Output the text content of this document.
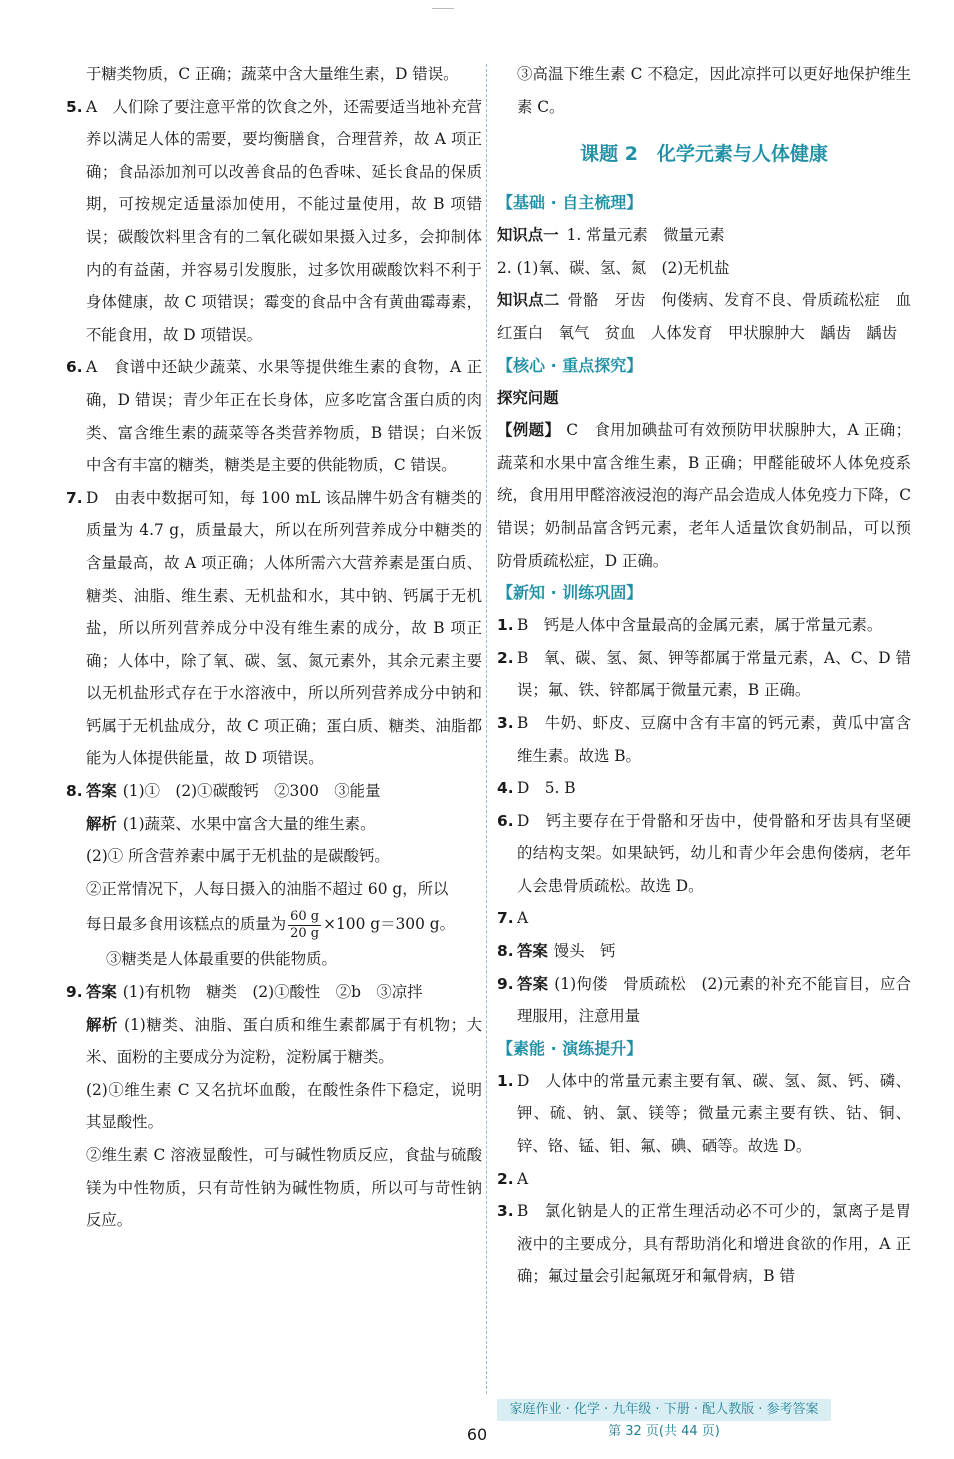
于糖类物质，C 正确；蔬菜中含大量维生素，D 错误。
5. A　人们除了要注意平常的饮食之外，还需要适当地补充营养以满足人体的需要，要均衡膳食，合理营养，故 A 项正确；食品添加剂可以改善食品的色香味、延长食品的保质期，可按规定适量添加使用，不能过量使用，故 B 项错误；碳酸饮料里含有的二氧化碳如果摄入过多，会抑制体内的有益菌，并容易引发腹胀，过多饮用碳酸饮料不利于身体健康，故 C 项错误；霉变的食品中含有黄曲霉毒素，不能食用，故 D 项错误。
6. A　食谱中还缺少蔬菜、水果等提供维生素的食物，A 正确，D 错误；青少年正在长身体，应多吃富含蛋白质的肉类、富含维生素的蔬菜等各类营养物质，B 错误；白米饭中含有丰富的糖类，糖类是主要的供能物质，C 错误。
7. D　由表中数据可知，每 100 mL 该品牌牛奶含有糖类的质量为 4.7 g，质量最大，所以在所列营养成分中糖类的含量最高，故 A 项正确；人体所需六大营养素是蛋白质、糖类、油脂、维生素、无机盐和水，其中钠、钙属于无机盐，所以所列营养成分中没有维生素的成分，故 B 项正确；人体中，除了氧、碳、氢、氮元素外，其余元素主要以无机盐形式存在于水溶液中，所以所列营养成分中钠和钙属于无机盐成分，故 C 项正确；蛋白质、糖类、油脂都能为人体提供能量，故 D 项错误。
8. 答案 (1)①　(2)①碳酸钙　②300　③能量
解析 (1)蔬菜、水果中富含大量的维生素。
(2)① 所含营养素中属于无机盐的是碳酸钙。
②正常情况下，人每日摄入的油脂不超过 60 g，所以
每日最多食用该糕点的质量为 $\frac{60 g}{20 g} \times 100$ g＝300 g。
③糖类是人体最重要的供能物质。
9. 答案 (1)有机物　糖类　(2)①酸性　②b　③凉拌
解析 (1)糖类、油脂、蛋白质和维生素都属于有机物；大米、面粉的主要成分为淀粉，淀粉属于糖类。
(2)①维生素 C 又名抗坏血酸，在酸性条件下稳定，说明其显酸性。
②维生素 C 溶液显酸性，可与碱性物质反应，食盐与硫酸镁为中性物质，只有苛性钠为碱性物质，所以可与苛性钠反应。
③高温下维生素 C 不稳定，因此凉拌可以更好地保护维生素 C。
课题 2　化学元素与人体健康
【基础 · 自主梳理】
知识点一 1. 常量元素　微量元素
2. (1)氧、碳、氢、氮　(2)无机盐
知识点二 骨骼　牙齿　佝偻病、发育不良、骨质疏松症　血红蛋白　氧气　贫血　人体发育　甲状腺肿大　龋齿　龋齿
【核心 · 重点探究】
探究问题
【例题】 C　食用加碘盐可有效预防甲状腺肿大，A 正确；蔬菜和水果中富含维生素，B 正确；甲醛能破坏人体免疫系统，食用用甲醛溶液浸泡的海产品会造成人体免疫力下降，C 错误；奶制品富含钙元素，老年人适量饮食奶制品，可以预防骨质疏松症，D 正确。
【新知 · 训练巩固】
1. B　钙是人体中含量最高的金属元素，属于常量元素。
2. B　氧、碳、氢、氮、钾等都属于常量元素，A、C、D 错误；氟、铁、锌都属于微量元素，B 正确。
3. B　牛奶、虾皮、豆腐中含有丰富的钙元素，黄瓜中富含维生素。故选 B。
4. D　5. B
6. D　钙主要存在于骨骼和牙齿中，使骨骼和牙齿具有坚硬的结构支架。如果缺钙，幼儿和青少年会患佝偻病，老年人会患骨质疏松。故选 D。
7. A
8. 答案 馒头　钙
9. 答案 (1)佝偻　骨质疏松　(2)元素的补充不能盲目，应合理服用，注意用量
【素能 · 演练提升】
1. D　人体中的常量元素主要有氧、碳、氢、氮、钙、磷、钾、硫、钠、氯、镁等；微量元素主要有铁、钴、铜、锌、铬、锰、钼、氟、碘、硒等。故选 D。
2. A
3. B　氯化钠是人的正常生理活动必不可少的，氯离子是胃液中的主要成分，具有帮助消化和增进食欲的作用，A 正确；氟过量会引起氟斑牙和氟骨病，B 错
家庭作业 · 化学 · 九年级 · 下册 · 配人教版 · 参考答案　第 32 页(共 44 页)
60
